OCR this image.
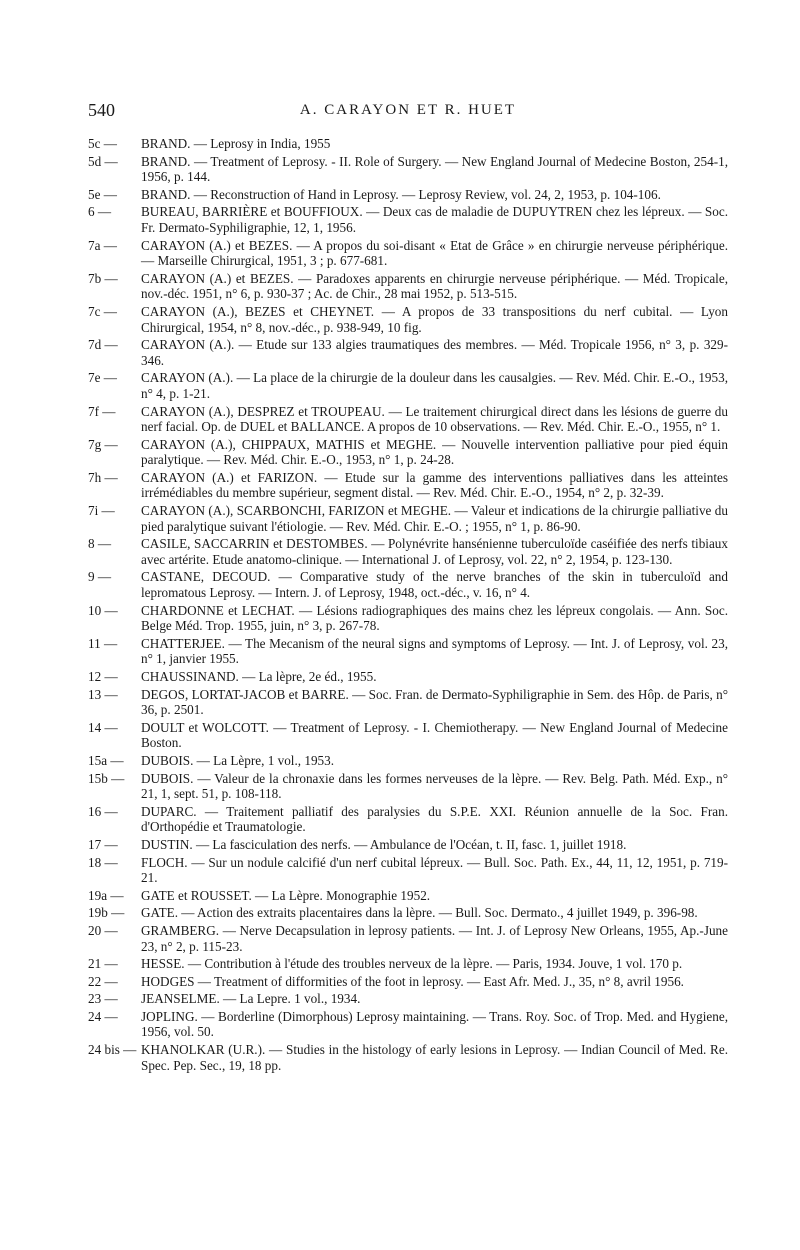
540	A. CARAYON ET R. HUET
5c — BRAND. — Leprosy in India, 1955
5d — BRAND. — Treatment of Leprosy. - II. Role of Surgery. — New England Journal of Medecine Boston, 254-1, 1956, p. 144.
5e — BRAND. — Reconstruction of Hand in Leprosy. — Leprosy Review, vol. 24, 2, 1953, p. 104-106.
6 — BUREAU, BARRIÈRE et BOUFFIOUX. — Deux cas de maladie de DUPUYTREN chez les lépreux. — Soc. Fr. Dermato-Syphiligraphie, 12, 1, 1956.
7a — CARAYON (A.) et BEZES. — A propos du soi-disant « Etat de Grâce » en chirurgie nerveuse périphérique. — Marseille Chirurgical, 1951, 3 ; p. 677-681.
7b — CARAYON (A.) et BEZES. — Paradoxes apparents en chirurgie nerveuse périphérique. — Méd. Tropicale, nov.-déc. 1951, n° 6, p. 930-37 ; Ac. de Chir., 28 mai 1952, p. 513-515.
7c — CARAYON (A.), BEZES et CHEYNET. — A propos de 33 transpositions du nerf cubital. — Lyon Chirurgical, 1954, n° 8, nov.-déc., p. 938-949, 10 fig.
7d — CARAYON (A.). — Etude sur 133 algies traumatiques des membres. — Méd. Tropicale 1956, n° 3, p. 329-346.
7e — CARAYON (A.). — La place de la chirurgie de la douleur dans les causalgies. — Rev. Méd. Chir. E.-O., 1953, n° 4, p. 1-21.
7f — CARAYON (A.), DESPREZ et TROUPEAU. — Le traitement chirurgical direct dans les lésions de guerre du nerf facial. Op. de DUEL et BALLANCE. A propos de 10 observations. — Rev. Méd. Chir. E.-O., 1955, n° 1.
7g — CARAYON (A.), CHIPPAUX, MATHIS et MEGHE. — Nouvelle intervention palliative pour pied équin paralytique. — Rev. Méd. Chir. E.-O., 1953, n° 1, p. 24-28.
7h — CARAYON (A.) et FARIZON. — Etude sur la gamme des interventions palliatives dans les atteintes irrémédiables du membre supérieur, segment distal. — Rev. Méd. Chir. E.-O., 1954, n° 2, p. 32-39.
7i — CARAYON (A.), SCARBONCHI, FARIZON et MEGHE. — Valeur et indications de la chirurgie palliative du pied paralytique suivant l'étiologie. — Rev. Méd. Chir. E.-O. ; 1955, n° 1, p. 86-90.
8 — CASILE, SACCARRIN et DESTOMBES. — Polynévrite hansénienne tuberculoïde caséifiée des nerfs tibiaux avec artérite. Etude anatomo-clinique. — International J. of Leprosy, vol. 22, n° 2, 1954, p. 123-130.
9 — CASTANE, DECOUD. — Comparative study of the nerve branches of the skin in tuberculoïd and lepromatous Leprosy. — Intern. J. of Leprosy, 1948, oct.-déc., v. 16, n° 4.
10 — CHARDONNE et LECHAT. — Lésions radiographiques des mains chez les lépreux congolais. — Ann. Soc. Belge Méd. Trop. 1955, juin, n° 3, p. 267-78.
11 — CHATTERJEE. — The Mecanism of the neural signs and symptoms of Leprosy. — Int. J. of Leprosy, vol. 23, n° 1, janvier 1955.
12 — CHAUSSINAND. — La lèpre, 2e éd., 1955.
13 — DEGOS, LORTAT-JACOB et BARRE. — Soc. Fran. de Dermato-Syphiligraphie in Sem. des Hôp. de Paris, n° 36, p. 2501.
14 — DOULT et WOLCOTT. — Treatment of Leprosy. - I. Chemiotherapy. — New England Journal of Medecine Boston.
15a — DUBOIS. — La Lèpre, 1 vol., 1953.
15b — DUBOIS. — Valeur de la chronaxie dans les formes nerveuses de la lèpre. — Rev. Belg. Path. Méd. Exp., n° 21, 1, sept. 51, p. 108-118.
16 — DUPARC. — Traitement palliatif des paralysies du S.P.E. XXI. Réunion annuelle de la Soc. Fran. d'Orthopédie et Traumatologie.
17 — DUSTIN. — La fasciculation des nerfs. — Ambulance de l'Océan, t. II, fasc. 1, juillet 1918.
18 — FLOCH. — Sur un nodule calcifié d'un nerf cubital lépreux. — Bull. Soc. Path. Ex., 44, 11, 12, 1951, p. 719-21.
19a — GATE et ROUSSET. — La Lèpre. Monographie 1952.
19b — GATE. — Action des extraits placentaires dans la lèpre. — Bull. Soc. Dermato., 4 juillet 1949, p. 396-98.
20 — GRAMBERG. — Nerve Decapsulation in leprosy patients. — Int. J. of Leprosy New Orleans, 1955, Ap.-June 23, n° 2, p. 115-23.
21 — HESSE. — Contribution à l'étude des troubles nerveux de la lèpre. — Paris, 1934. Jouve, 1 vol. 170 p.
22 — HODGES — Treatment of difformities of the foot in leprosy. — East Afr. Med. J., 35, n° 8, avril 1956.
23 — JEANSELME. — La Lepre. 1 vol., 1934.
24 — JOPLING. — Borderline (Dimorphous) Leprosy maintaining. — Trans. Roy. Soc. of Trop. Med. and Hygiene, 1956, vol. 50.
24 bis — KHANOLKAR (U.R.). — Studies in the histology of early lesions in Leprosy. — Indian Council of Med. Re. Spec. Pep. Sec., 19, 18 pp.
